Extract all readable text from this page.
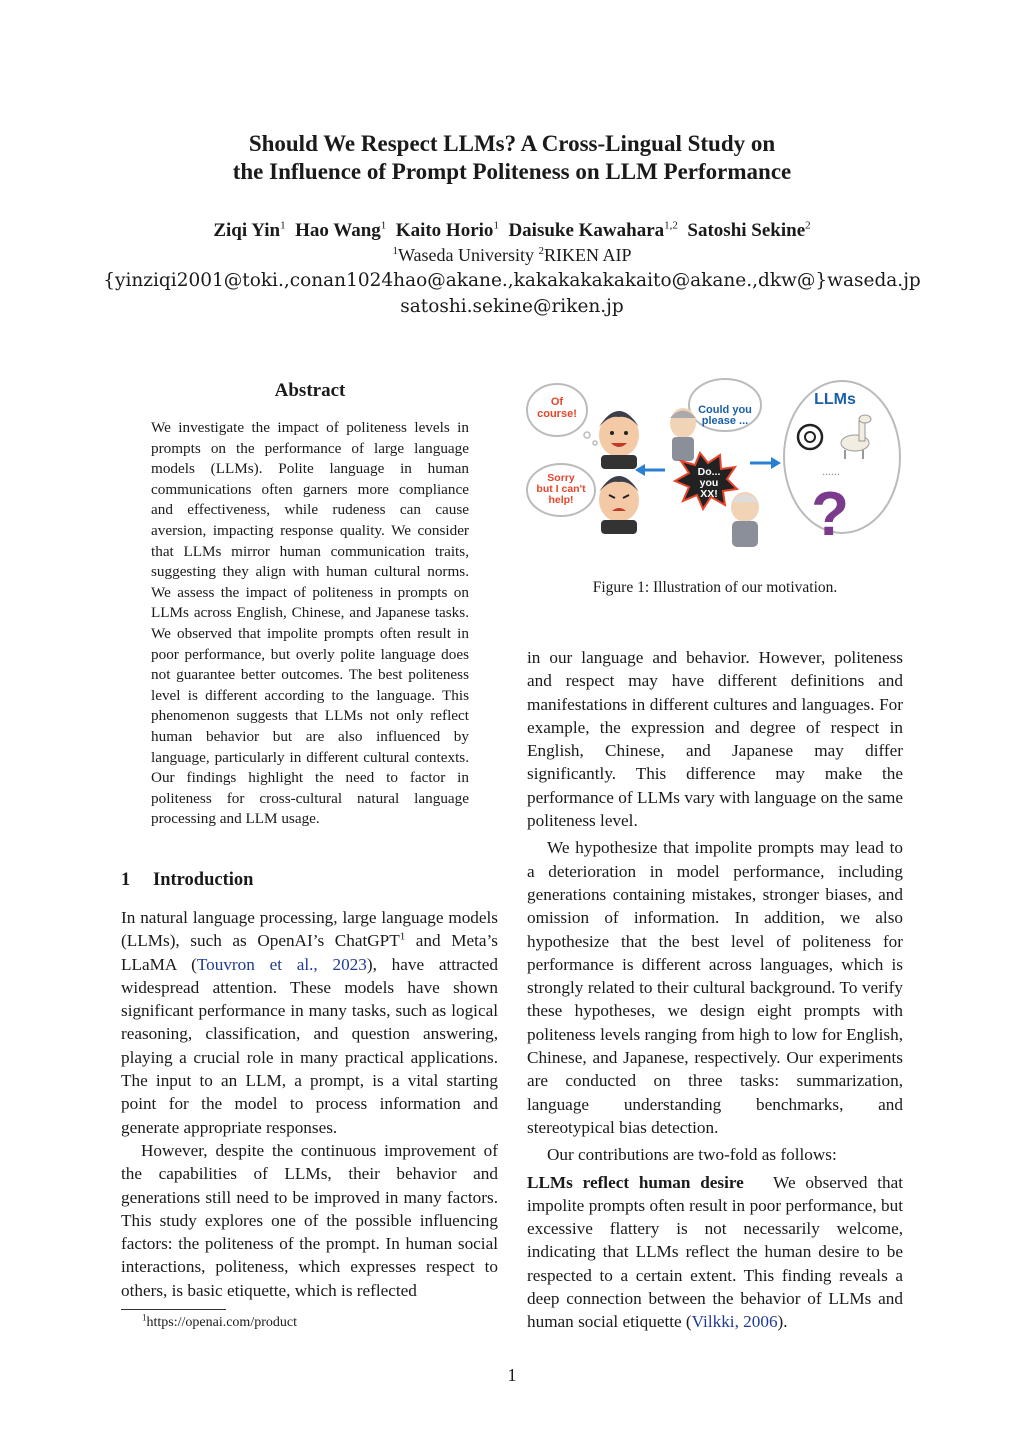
Should We Respect LLMs? A Cross-Lingual Study on
the Influence of Prompt Politeness on LLM Performance
Ziqi Yin$^1$ Hao Wang$^1$ Kaito Horio$^1$ Daisuke Kawahara$^{1,2}$ Satoshi Sekine$^2$
$^1$Waseda University $^2$RIKEN AIP
{yinziqi2001@toki.,conan1024hao@akane.,kakakakakakaito@akane.,dkw@}waseda.jp
satoshi.sekine@riken.jp
Abstract
We investigate the impact of politeness levels in prompts on the performance of large language models (LLMs). Polite language in human communications often garners more compliance and effectiveness, while rudeness can cause aversion, impacting response quality. We consider that LLMs mirror human communication traits, suggesting they align with human cultural norms. We assess the impact of politeness in prompts on LLMs across English, Chinese, and Japanese tasks. We observed that impolite prompts often result in poor performance, but overly polite language does not guarantee better outcomes. The best politeness level is different according to the language. This phenomenon suggests that LLMs not only reflect human behavior but are also influenced by language, particularly in different cultural contexts. Our findings highlight the need to factor in politeness for cross-cultural natural language processing and LLM usage.
1 Introduction

In natural language processing, large language models (LLMs), such as OpenAI’s ChatGPT$^1$ and Meta’s LLaMA (Touvron et al., 2023), have attracted widespread attention. These models have shown significant performance in many tasks, such as logical reasoning, classification, and question answering, playing a crucial role in many practical applications. The input to an LLM, a prompt, is a vital starting point for the model to process information and generate appropriate responses.

However, despite the continuous improvement of the capabilities of LLMs, their behavior and generations still need to be improved in many factors. This study explores one of the possible influencing factors: the politeness of the prompt. In human social interactions, politeness, which expresses respect to others, is basic etiquette, which is reflected

$^1$https://openai.com/product
Of
course!
Sorry
but I can't
help!
Could you
please ...
Do...
you
XX!
LLMs
......
?
Figure 1: Illustration of our motivation.

in our language and behavior. However, politeness and respect may have different definitions and manifestations in different cultures and languages. For example, the expression and degree of respect in English, Chinese, and Japanese may differ significantly. This difference may make the performance of LLMs vary with language on the same politeness level.

We hypothesize that impolite prompts may lead to a deterioration in model performance, including generations containing mistakes, stronger biases, and omission of information. In addition, we also hypothesize that the best level of politeness for performance is different across languages, which is strongly related to their cultural background. To verify these hypotheses, we design eight prompts with politeness levels ranging from high to low for English, Chinese, and Japanese, respectively. Our experiments are conducted on three tasks: summarization, language understanding benchmarks, and stereotypical bias detection.

Our contributions are two-fold as follows:

LLMs reflect human desire We observed that impolite prompts often result in poor performance, but excessive flattery is not necessarily welcome, indicating that LLMs reflect the human desire to be respected to a certain extent. This finding reveals a deep connection between the behavior of LLMs and human social etiquette (Vilkki, 2006).

1
